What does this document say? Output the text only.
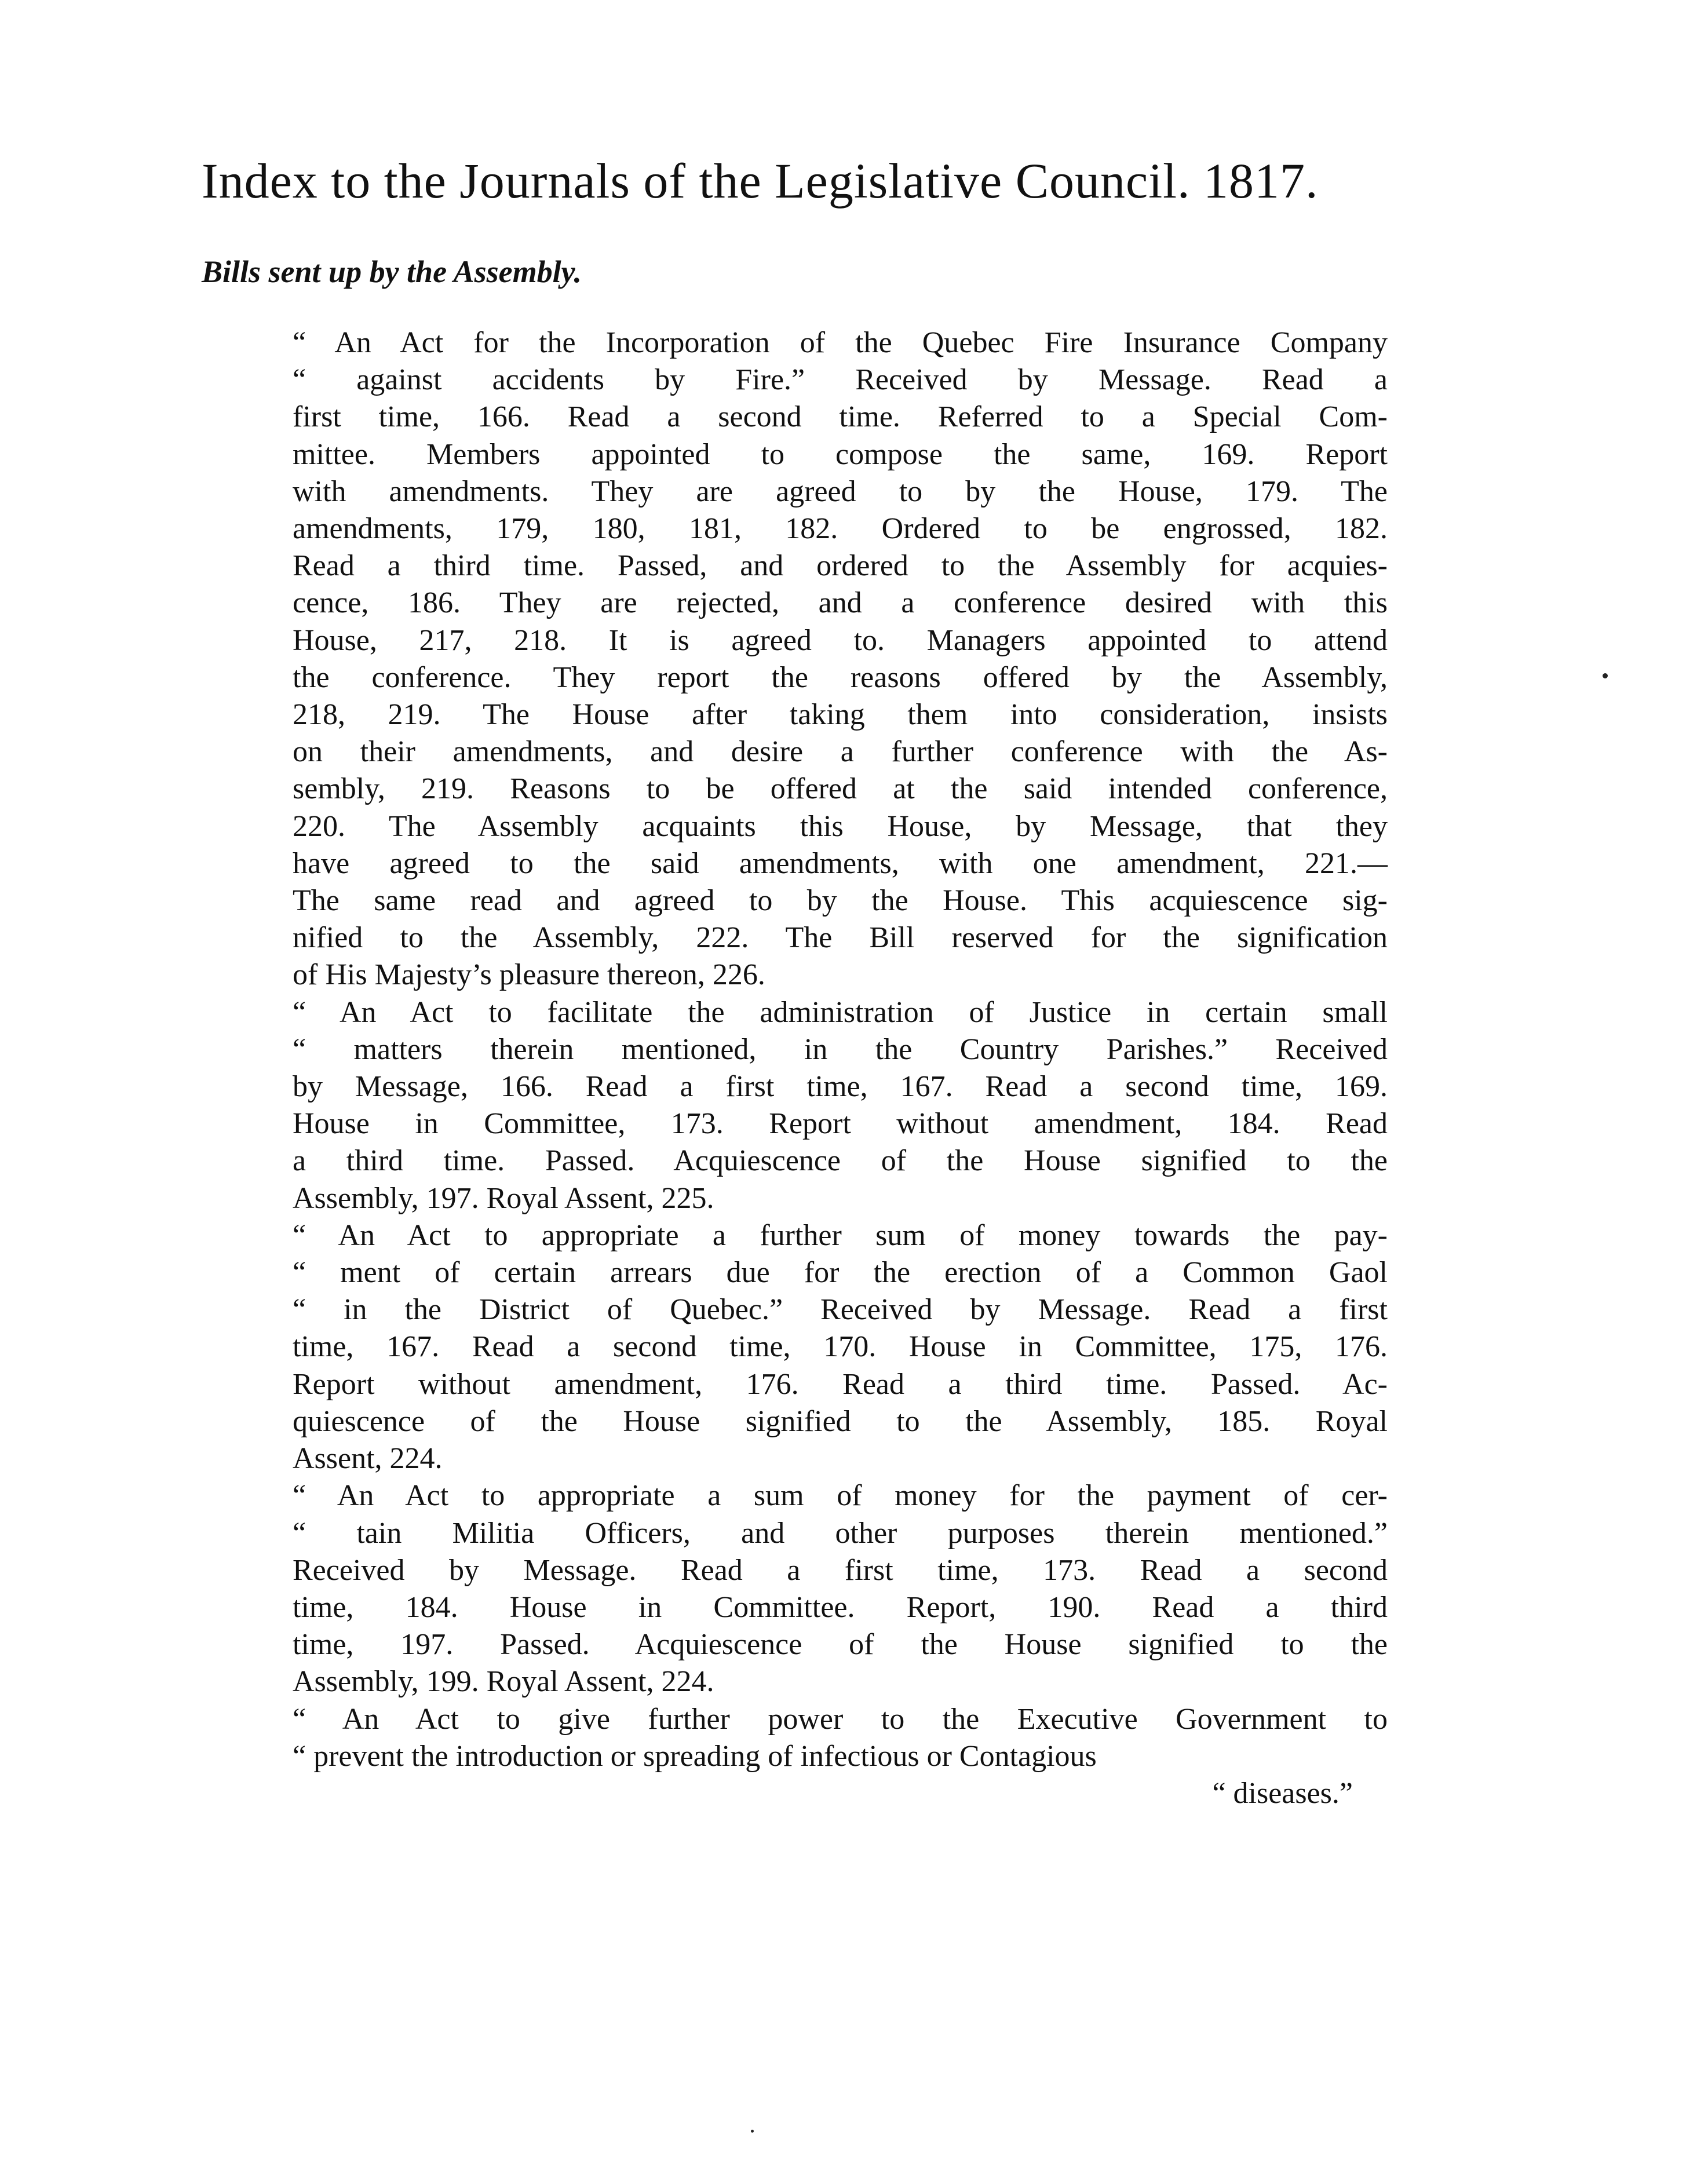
Index to the Journals of the Legislative Council. 1817.
Bills sent up by the Assembly.
“ An Act for the Incorporation of the Quebec Fire Insurance Company
“ against accidents by Fire.” Received by Message. Read a
first time, 166. Read a second time. Referred to a Special Com-
mittee. Members appointed to compose the same, 169. Report
with amendments. They are agreed to by the House, 179. The
amendments, 179, 180, 181, 182. Ordered to be engrossed, 182.
Read a third time. Passed, and ordered to the Assembly for acquies-
cence, 186. They are rejected, and a conference desired with this
House, 217, 218. It is agreed to. Managers appointed to attend
the conference. They report the reasons offered by the Assembly,
218, 219. The House after taking them into consideration, insists
on their amendments, and desire a further conference with the As-
sembly, 219. Reasons to be offered at the said intended conference,
220. The Assembly acquaints this House, by Message, that they
have agreed to the said amendments, with one amendment, 221.—
The same read and agreed to by the House. This acquiescence sig-
nified to the Assembly, 222. The Bill reserved for the signification
of His Majesty’s pleasure thereon, 226.
“ An Act to facilitate the administration of Justice in certain small
“ matters therein mentioned, in the Country Parishes.” Received
by Message, 166. Read a first time, 167. Read a second time, 169.
House in Committee, 173. Report without amendment, 184. Read
a third time. Passed. Acquiescence of the House signified to the
Assembly, 197. Royal Assent, 225.
“ An Act to appropriate a further sum of money towards the pay-
“ ment of certain arrears due for the erection of a Common Gaol
“ in the District of Quebec.” Received by Message. Read a first
time, 167. Read a second time, 170. House in Committee, 175, 176.
Report without amendment, 176. Read a third time. Passed. Ac-
quiescence of the House signified to the Assembly, 185. Royal
Assent, 224.
“ An Act to appropriate a sum of money for the payment of cer-
“ tain Militia Officers, and other purposes therein mentioned.”
Received by Message. Read a first time, 173. Read a second
time, 184. House in Committee. Report, 190. Read a third
time, 197. Passed. Acquiescence of the House signified to the
Assembly, 199. Royal Assent, 224.
“ An Act to give further power to the Executive Government to
“ prevent the introduction or spreading of infectious or Contagious
“ diseases.”
